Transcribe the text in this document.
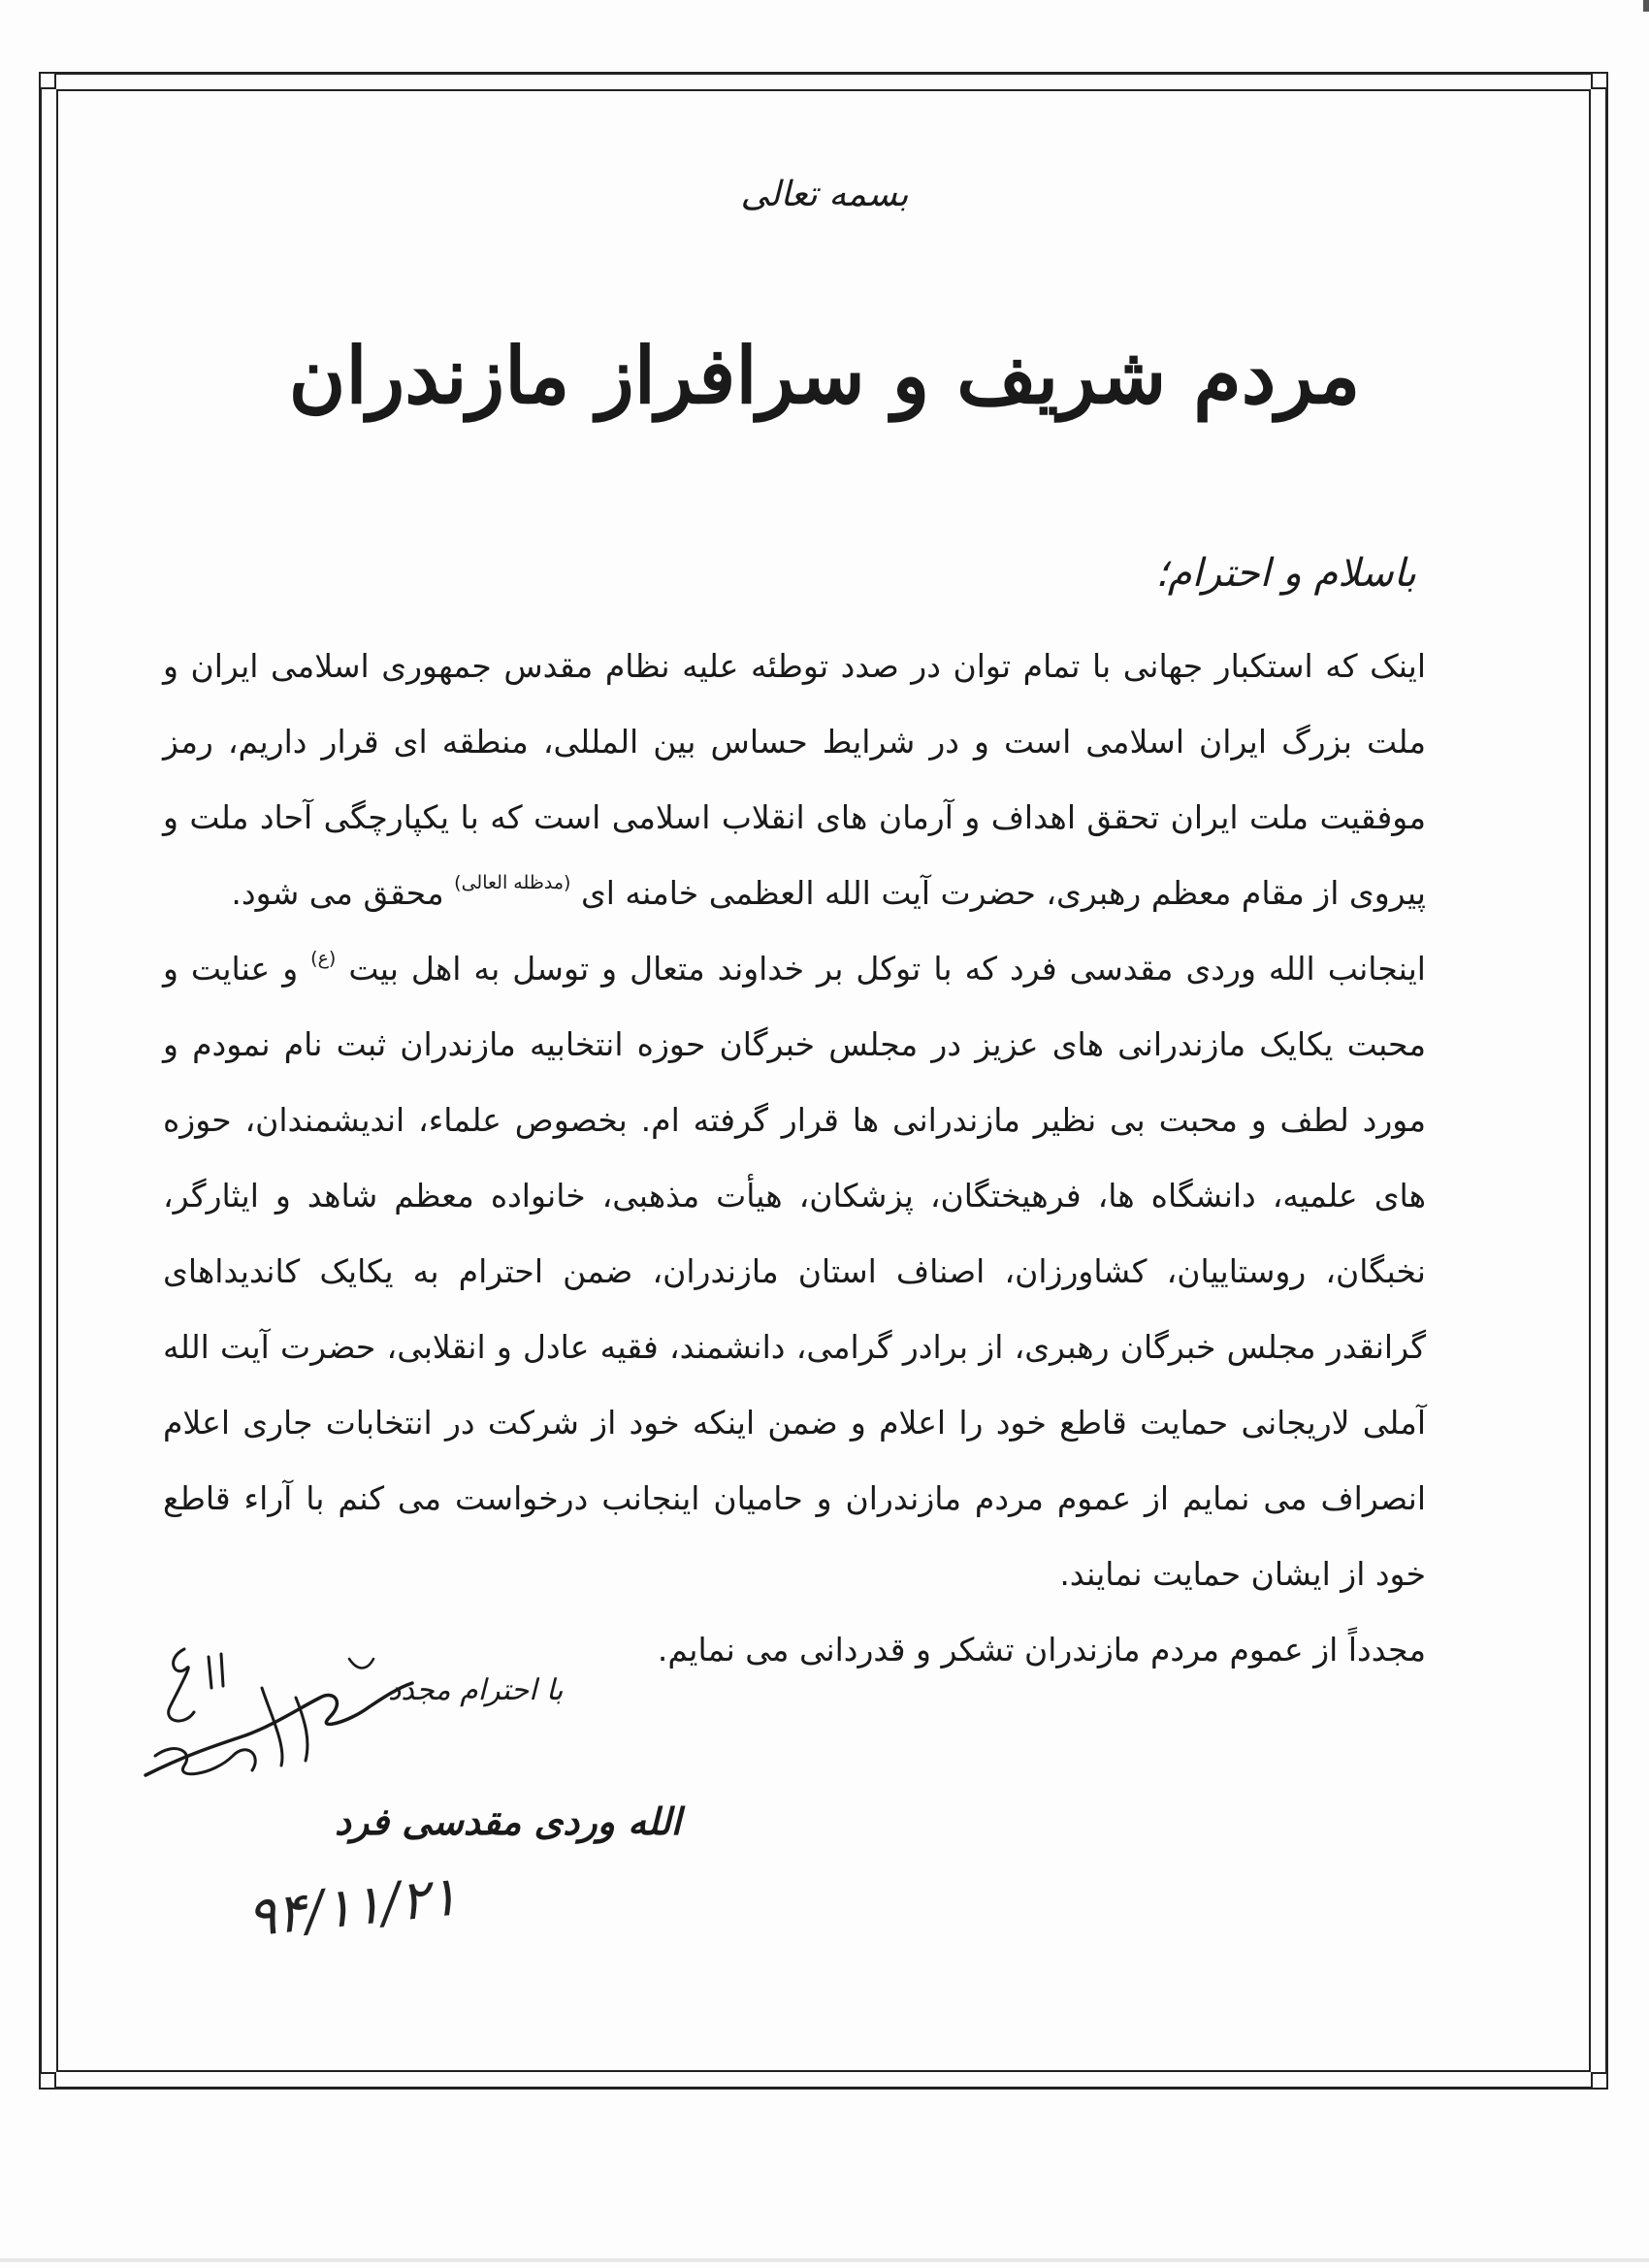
بسمه تعالی
مردم شریف و سرافراز مازندران
باسلام و احترام؛

اینک که استکبار جهانی با تمام توان در صدد توطئه علیه نظام مقدس جمهوری اسلامی ایران و ملت بزرگ ایران اسلامی است و در شرایط حساس بین المللی، منطقه ای قرار داریم، رمز موفقیت ملت ایران تحقق اهداف و آرمان های انقلاب اسلامی است که با یکپارچگی آحاد ملت و پیروی از مقام معظم رهبری، حضرت آیت الله العظمی خامنه ای $^{(مدظله العالی)}$ محقق می شود.

اینجانب الله وردی مقدسی فرد که با توکل بر خداوند متعال و توسل به اهل بیت $^{(ع)}$ و عنایت و محبت یکایک مازندرانی های عزیز در مجلس خبرگان حوزه انتخابیه مازندران ثبت نام نمودم و مورد لطف و محبت بی نظیر مازندرانی ها قرار گرفته ام. بخصوص علماء، اندیشمندان، حوزه های علمیه، دانشگاه ها، فرهیختگان، پزشکان، هیأت مذهبی، خانواده معظم شاهد و ایثارگر، نخبگان، روستاییان، کشاورزان، اصناف استان مازندران، ضمن احترام به یکایک کاندیداهای گرانقدر مجلس خبرگان رهبری، از برادر گرامی، دانشمند، فقیه عادل و انقلابی، حضرت آیت الله آملی لاریجانی حمایت قاطع خود را اعلام و ضمن اینکه خود از شرکت در انتخابات جاری اعلام انصراف می نمایم از عموم مردم مازندران و حامیان اینجانب درخواست می کنم با آراء قاطع خود از ایشان حمایت نمایند.

مجدداً از عموم مردم مازندران تشکر و قدردانی می نمایم.

با احترام مجدد
الله وردی مقدسی فرد
۹۴/۱۱/۲۱
